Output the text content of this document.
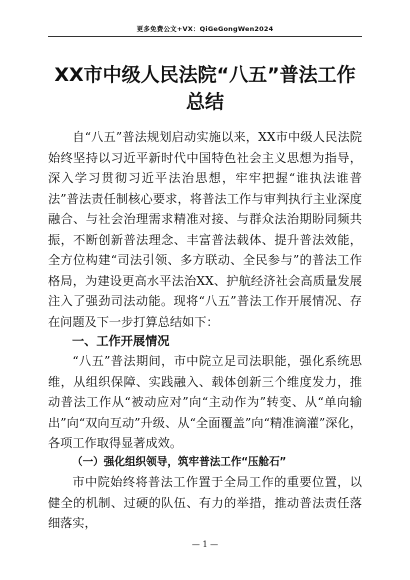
更多免费公文+VX：QiGeGongWen2024
XX市中级人民法院“八五”普法工作总结
自“八五”普法规划启动实施以来，XX市中级人民法院始终坚持以习近平新时代中国特色社会主义思想为指导，深入学习贯彻习近平法治思想，牢牢把握“谁执法谁普法”普法责任制核心要求，将普法工作与审判执行主业深度融合、与社会治理需求精准对接、与群众法治期盼同频共振，不断创新普法理念、丰富普法载体、提升普法效能，全方位构建“司法引领、多方联动、全民参与”的普法工作格局，为建设更高水平法治XX、护航经济社会高质量发展注入了强劲司法动能。现将“八五”普法工作开展情况、存在问题及下一步打算总结如下：
一、工作开展情况
“八五”普法期间，市中院立足司法职能，强化系统思维，从组织保障、实践融入、载体创新三个维度发力，推动普法工作从“被动应对”向“主动作为”转变、从“单向输出”向“双向互动”升级、从“全面覆盖”向“精准滴灌”深化，各项工作取得显著成效。
（一）强化组织领导，筑牢普法工作“压舱石”
市中院始终将普法工作置于全局工作的重要位置，以健全的机制、过硬的队伍、有力的举措，推动普法责任落细落实，
— 1 —
